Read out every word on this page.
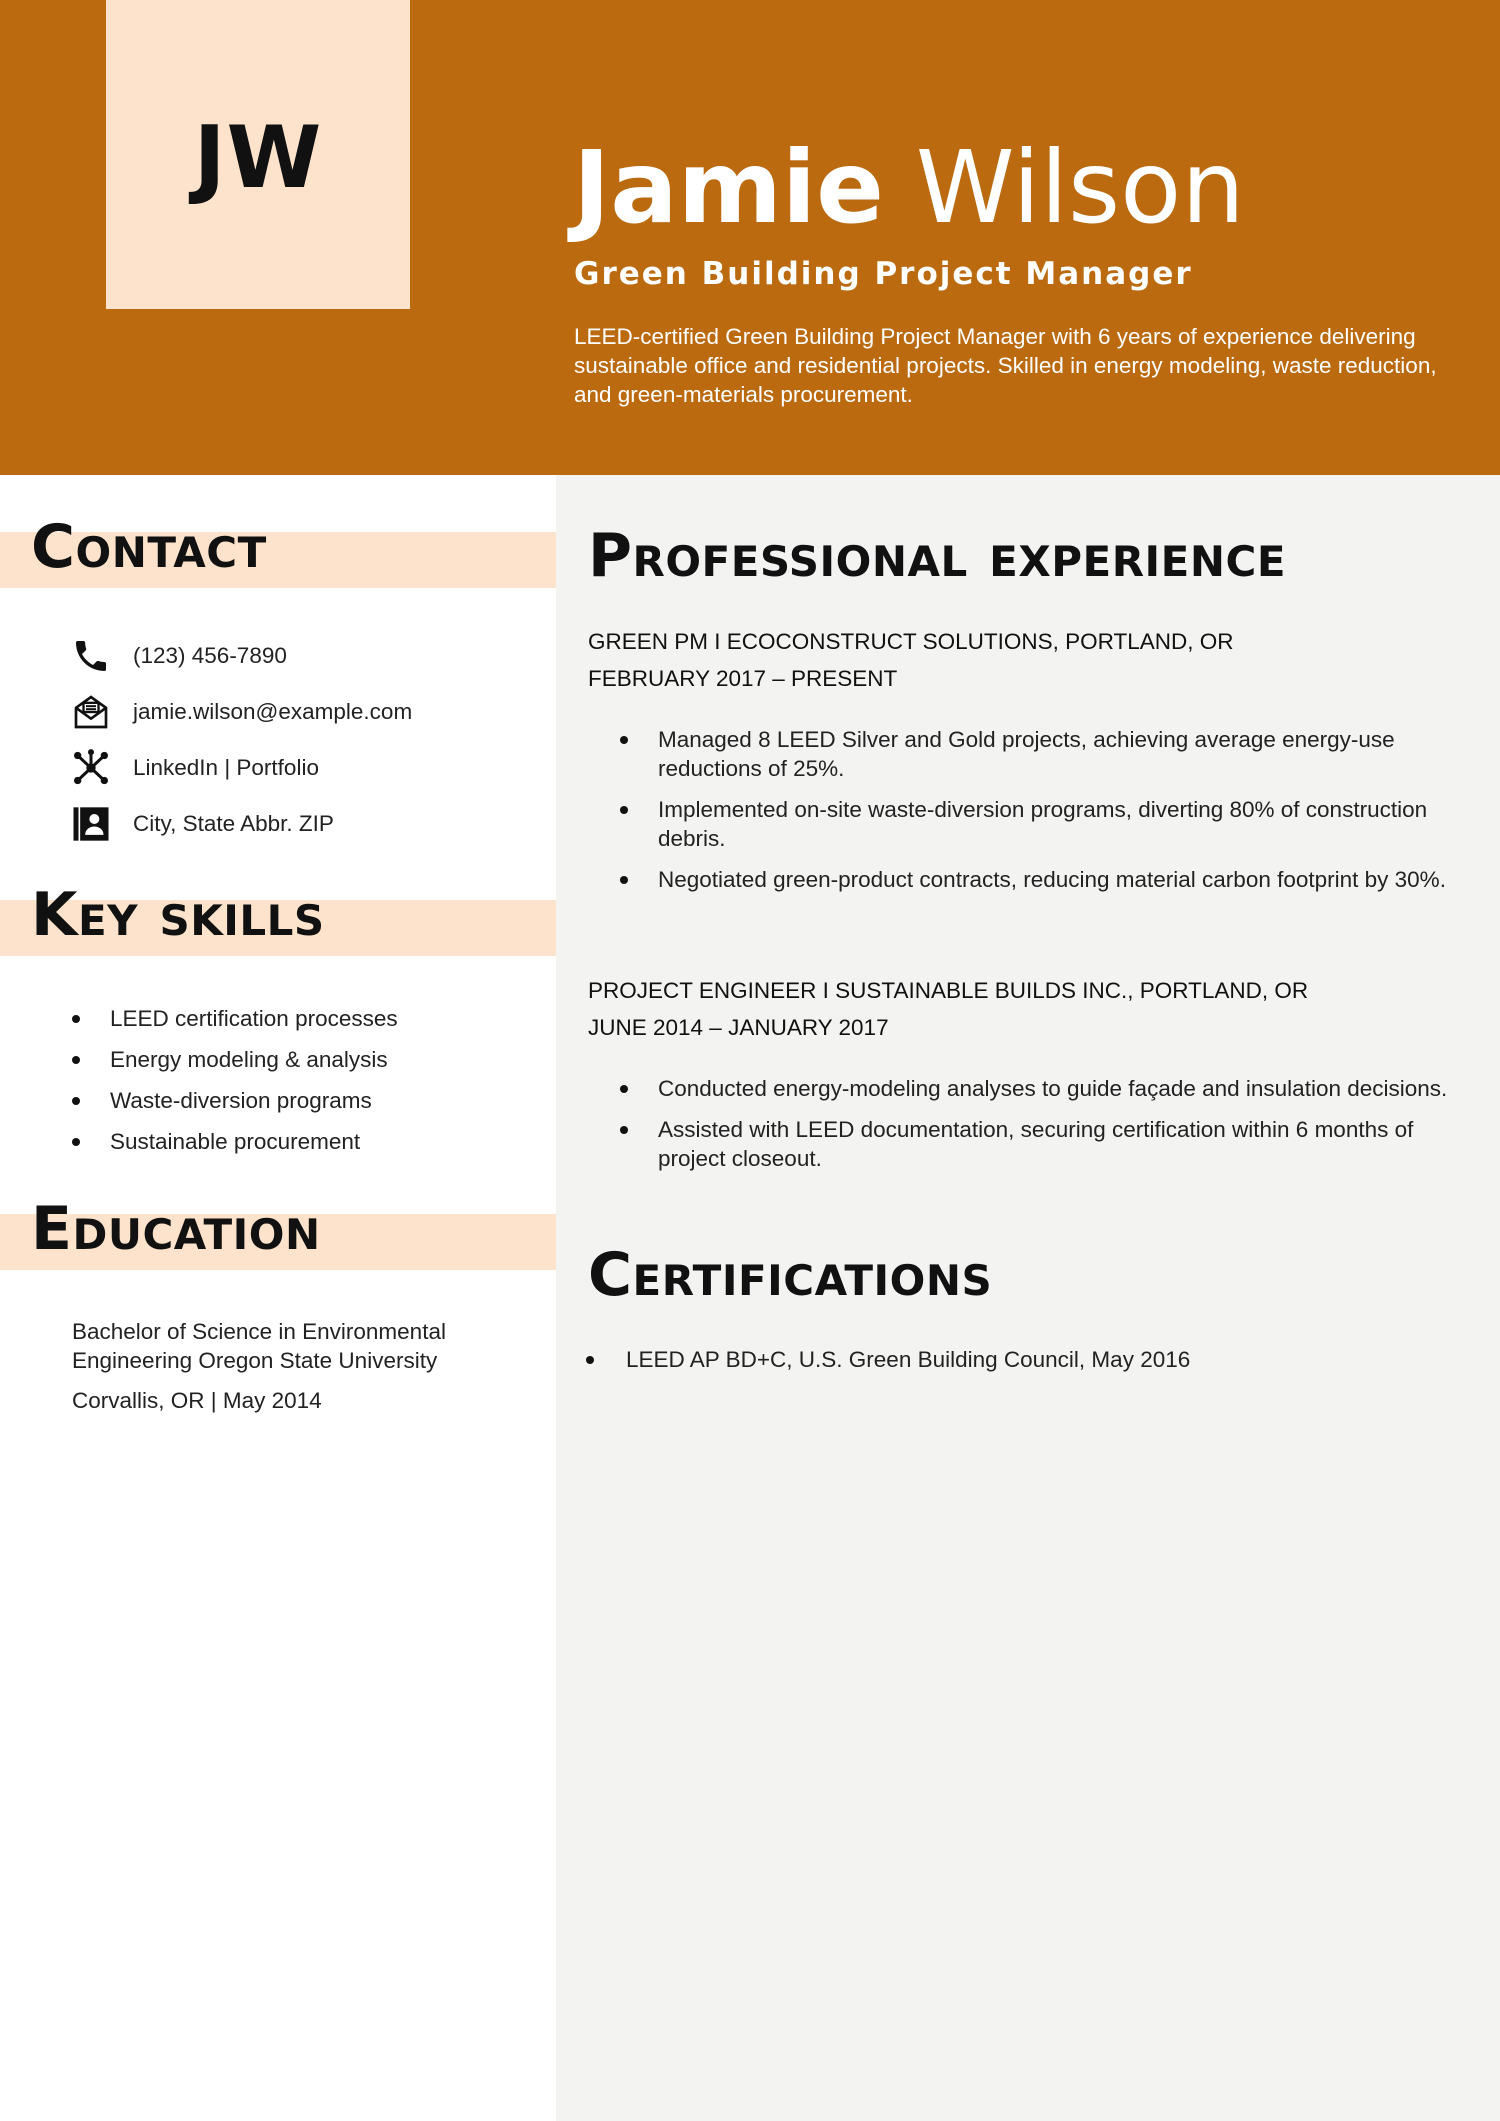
JW	Jamie Wilson
Green Building Project Manager
LEED-certified Green Building Project Manager with 6 years of experience delivering sustainable office and residential projects. Skilled in energy modeling, waste reduction, and green-materials procurement.
Contact
(123) 456-7890
jamie.wilson@example.com
LinkedIn | Portfolio
City, State Abbr. ZIP
Key skills
LEED certification processes
Energy modeling & analysis
Waste-diversion programs
Sustainable procurement
Education
Bachelor of Science in Environmental Engineering Oregon State University
Corvallis, OR | May 2014
Professional experience
GREEN PM I ECOCONSTRUCT SOLUTIONS, PORTLAND, OR
FEBRUARY 2017 – PRESENT
Managed 8 LEED Silver and Gold projects, achieving average energy-use reductions of 25%.
Implemented on-site waste-diversion programs, diverting 80% of construction debris.
Negotiated green-product contracts, reducing material carbon footprint by 30%.
PROJECT ENGINEER I SUSTAINABLE BUILDS INC., PORTLAND, OR
JUNE 2014 – JANUARY 2017
Conducted energy-modeling analyses to guide façade and insulation decisions.
Assisted with LEED documentation, securing certification within 6 months of project closeout.
Certifications
LEED AP BD+C, U.S. Green Building Council, May 2016
